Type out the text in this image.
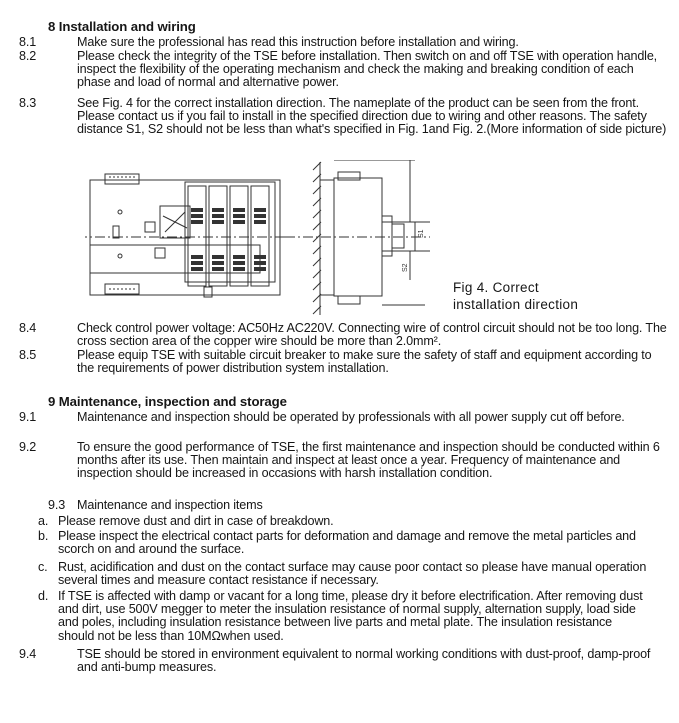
8 Installation and wiring
8.1	Make sure the professional has read this instruction before installation and wiring.
8.2	Please check the integrity of the TSE before installation. Then switch on and off TSE with operation handle, inspect the flexibility of the operating mechanism and check the making and breaking condition of each phase and load of normal and alternative power.
8.3	See Fig. 4 for the correct installation direction. The nameplate of the product can be seen from the front. Please contact us if you fail to install in the specified direction due to wiring and other reasons. The safety distance S1, S2 should not be less than what's specified in Fig. 1and Fig. 2.(More information of side picture)
S1
S2
Fig 4. Correct
installation direction
8.4	Check control power voltage: AC50Hz AC220V. Connecting wire of control circuit should not be too long. The cross section area of the copper wire should be more than 2.0mm².
8.5	Please equip TSE with suitable circuit breaker to make sure the safety of staff and equipment according to the requirements of power distribution system installation.
9 Maintenance, inspection and storage
9.1	Maintenance and inspection should be operated by professionals with all power supply cut off before.
9.2	To ensure the good performance of TSE, the first maintenance and inspection should be conducted within 6 months after its use. Then maintain and inspect at least once a year. Frequency of maintenance and inspection should be increased in occasions with harsh installation condition.
9.3 Maintenance and inspection items
a. Please remove dust and dirt in case of breakdown.
b. Please inspect the electrical contact parts for deformation and damage and remove the metal particles and scorch on and around the surface.
c. Rust, acidification and dust on the contact surface may cause poor contact so please have manual operation several times and measure contact resistance if necessary.
d. If TSE is affected with damp or vacant for a long time, please dry it before electrification. After removing dust and dirt, use 500V megger to meter the insulation resistance of normal supply, alternation supply, load side and poles, including insulation resistance between live parts and metal plate. The insulation resistance should not be less than 10MΩwhen used.
9.4	TSE should be stored in environment equivalent to normal working conditions with dust-proof, damp-proof and anti-bump measures.
